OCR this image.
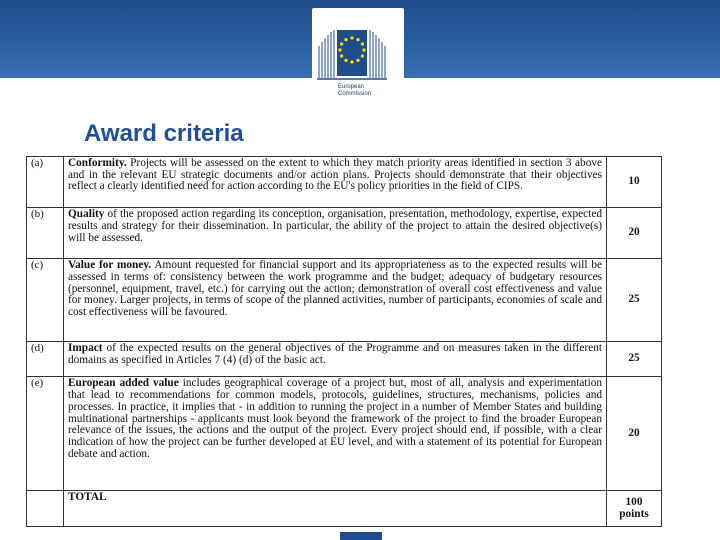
European
Commission
Award criteria
(a)	Conformity. Projects will be assessed on the extent to which they match priority areas identified in section 3 above and in the relevant EU strategic documents and/or action plans. Projects should demonstrate that their objectives reflect a clearly identified need for action according to the EU's policy priorities in the field of CIPS.	10

(b)	Quality of the proposed action regarding its conception, organisation, presentation, methodology, expertise, expected results and strategy for their dissemination. In particular, the ability of the project to attain the desired objective(s) will be assessed.	20

(c)	Value for money. Amount requested for financial support and its appropriateness as to the expected results will be assessed in terms of: consistency between the work programme and the budget; adequacy of budgetary resources (personnel, equipment, travel, etc.) for carrying out the action; demonstration of overall cost effectiveness and value for money. Larger projects, in terms of scope of the planned activities, number of participants, economies of scale and cost effectiveness will be favoured.	25

(d)	Impact of the expected results on the general objectives of the Programme and on measures taken in the different domains as specified in Articles 7 (4) (d) of the basic act.	25

(e)	European added value includes geographical coverage of a project but, most of all, analysis and experimentation that lead to recommendations for common models, protocols, guidelines, structures, mechanisms, policies and processes. In practice, it implies that - in addition to running the project in a number of Member States and building multinational partnerships - applicants must look beyond the framework of the project to find the broader European relevance of the issues, the actions and the output of the project. Every project should end, if possible, with a clear indication of how the project can be further developed at EU level, and with a statement of its potential for European debate and action.	20
	TOTAL	100 points
